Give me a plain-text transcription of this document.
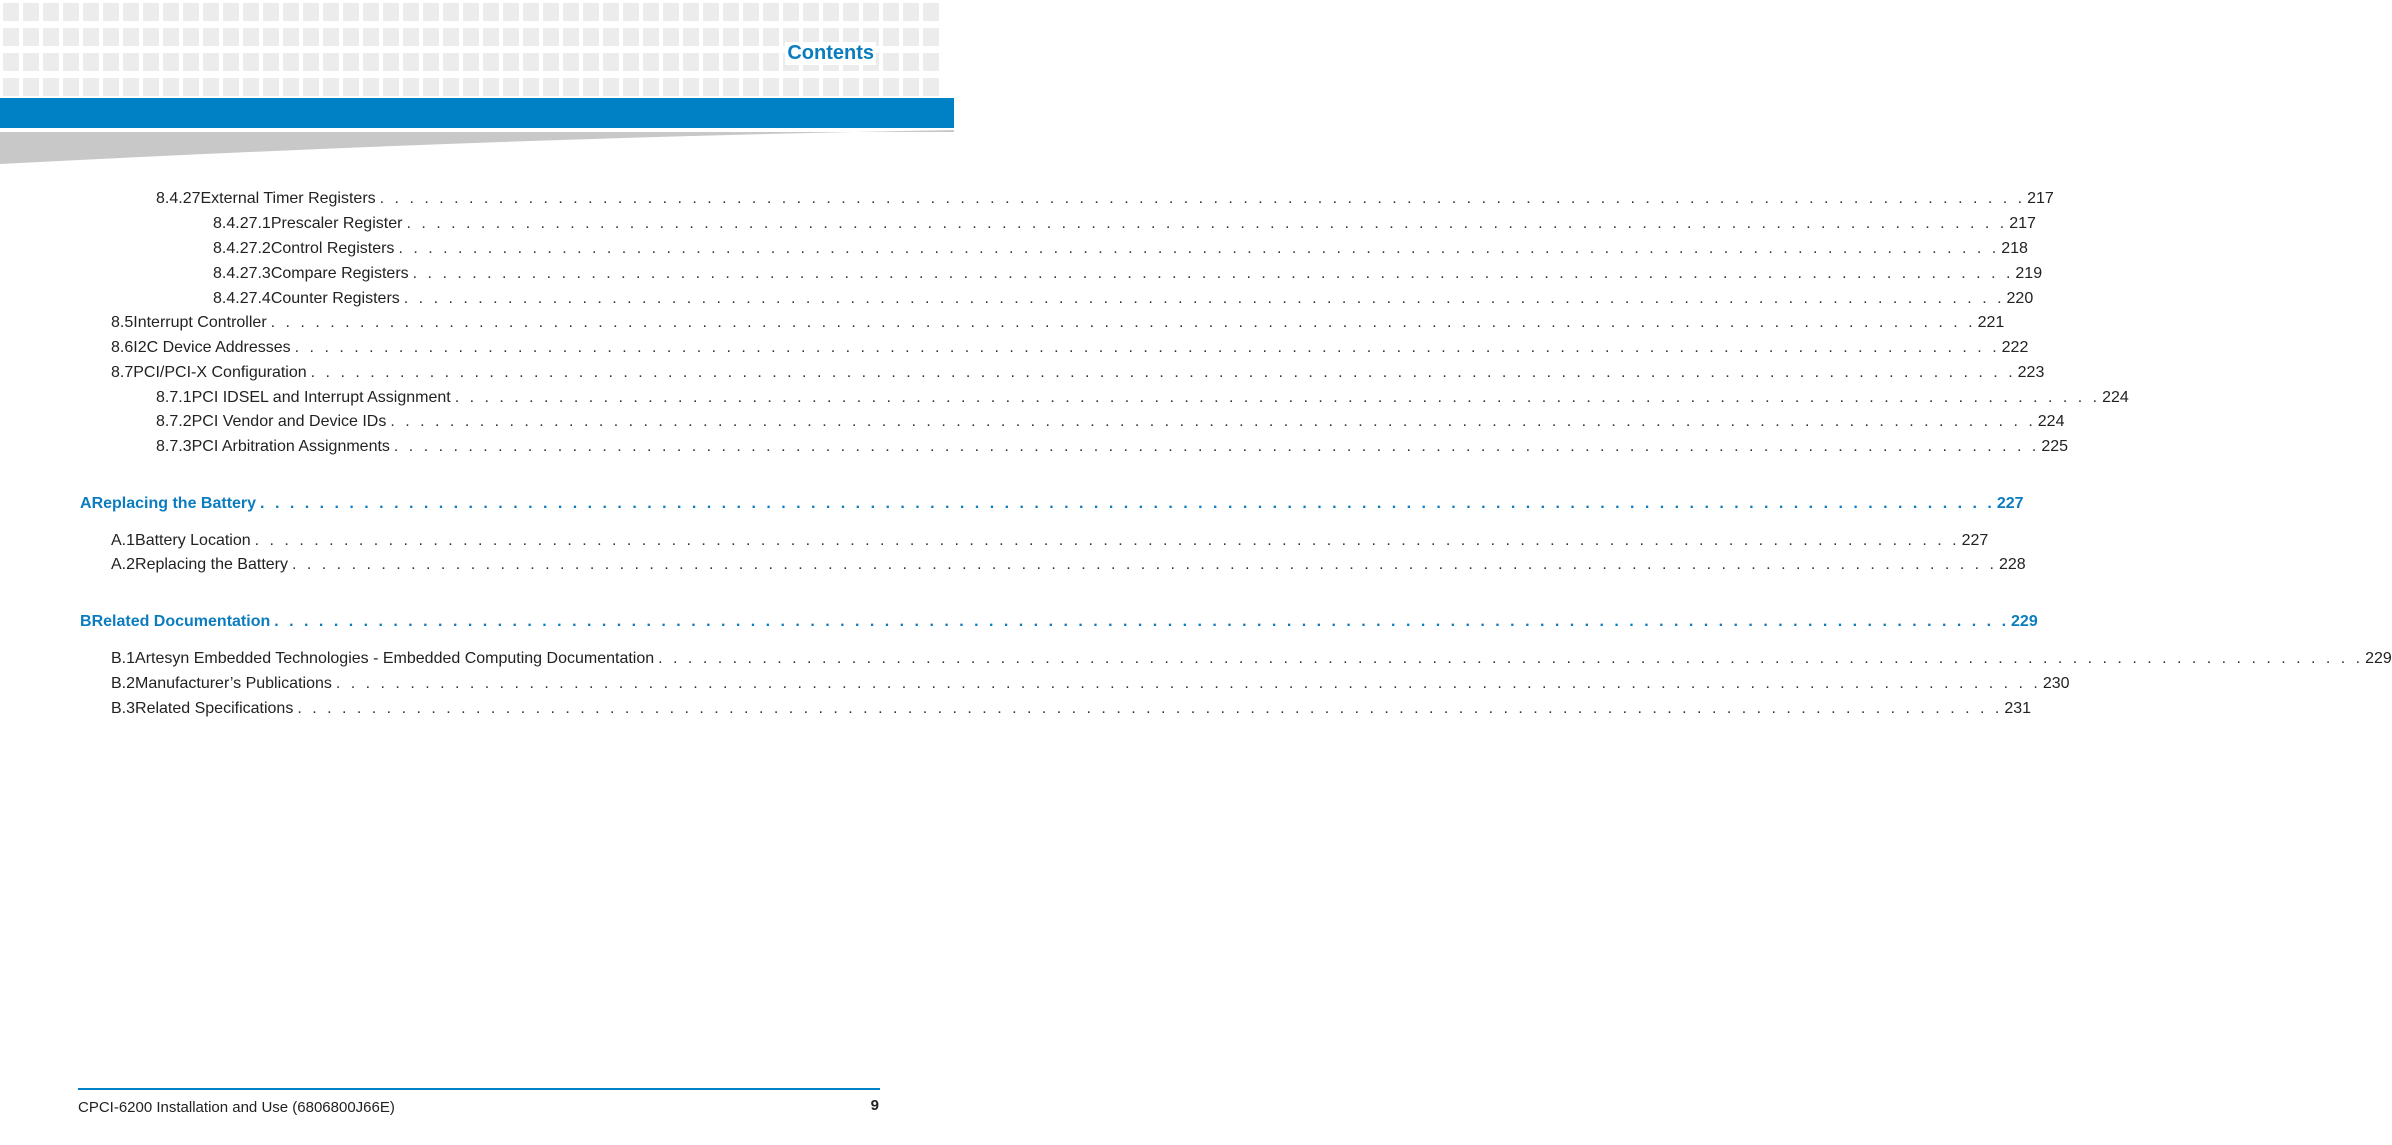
Contents
8.4.27 External Timer Registers . . . . . . . . . . . . . . . . . . . . . . . . . . . . . . . . . . . . . . . . . . . . . . . . . . . . . . . . . . . . . . . . . . . . . . . . . . . . . . . . . . . . . . . . . . . . . . . . . . . . . . . . . . . . . . . 217
8.4.27.1 Prescaler Register . . . . . . . . . . . . . . . . . . . . . . . . . . . . . . . . . . . . . . . . . . . . . . . . . . . . . . . . . . . . . . . . . . . . . . . . . . . . . . . . . . . . . . . . . . . . . . . . . . . . . . . . . . . . 217
8.4.27.2 Control Registers . . . . . . . . . . . . . . . . . . . . . . . . . . . . . . . . . . . . . . . . . . . . . . . . . . . . . . . . . . . . . . . . . . . . . . . . . . . . . . . . . . . . . . . . . . . . . . . . . . . . . . . . . . . . 218
8.4.27.3 Compare Registers . . . . . . . . . . . . . . . . . . . . . . . . . . . . . . . . . . . . . . . . . . . . . . . . . . . . . . . . . . . . . . . . . . . . . . . . . . . . . . . . . . . . . . . . . . . . . . . . . . . . . . . . . . . . 219
8.4.27.4 Counter Registers . . . . . . . . . . . . . . . . . . . . . . . . . . . . . . . . . . . . . . . . . . . . . . . . . . . . . . . . . . . . . . . . . . . . . . . . . . . . . . . . . . . . . . . . . . . . . . . . . . . . . . . . . . . . 220
8.5 Interrupt Controller . . . . . . . . . . . . . . . . . . . . . . . . . . . . . . . . . . . . . . . . . . . . . . . . . . . . . . . . . . . . . . . . . . . . . . . . . . . . . . . . . . . . . . . . . . . . . . . . . . . . . . . . . . . . . . . . . . . 221
8.6 I2C Device Addresses . . . . . . . . . . . . . . . . . . . . . . . . . . . . . . . . . . . . . . . . . . . . . . . . . . . . . . . . . . . . . . . . . . . . . . . . . . . . . . . . . . . . . . . . . . . . . . . . . . . . . . . . . . . . . . . . . . . 222
8.7 PCI/PCI-X Configuration . . . . . . . . . . . . . . . . . . . . . . . . . . . . . . . . . . . . . . . . . . . . . . . . . . . . . . . . . . . . . . . . . . . . . . . . . . . . . . . . . . . . . . . . . . . . . . . . . . . . . . . . . . . . . . . . . . . 223
8.7.1 PCI IDSEL and Interrupt Assignment . . . . . . . . . . . . . . . . . . . . . . . . . . . . . . . . . . . . . . . . . . . . . . . . . . . . . . . . . . . . . . . . . . . . . . . . . . . . . . . . . . . . . . . . . . . . . . . . . . . . . . . . . . . . . . . 224
8.7.2 PCI Vendor and Device IDs . . . . . . . . . . . . . . . . . . . . . . . . . . . . . . . . . . . . . . . . . . . . . . . . . . . . . . . . . . . . . . . . . . . . . . . . . . . . . . . . . . . . . . . . . . . . . . . . . . . . . . . . . . . . . . . 224
8.7.3 PCI Arbitration Assignments . . . . . . . . . . . . . . . . . . . . . . . . . . . . . . . . . . . . . . . . . . . . . . . . . . . . . . . . . . . . . . . . . . . . . . . . . . . . . . . . . . . . . . . . . . . . . . . . . . . . . . . . . . . . . . . 225
A Replacing the Battery . . . . . . . . . . . . . . . . . . . . . . . . . . . . . . . . . . . . . . . . . . . . . . . . . . . . . . . . . . . . . . . . . . . . . . . . . . . . . . . . . . . . . . . . . . . . . . . . . . . . . . . . . . . . . . . . . . . . . 227
A.1 Battery Location . . . . . . . . . . . . . . . . . . . . . . . . . . . . . . . . . . . . . . . . . . . . . . . . . . . . . . . . . . . . . . . . . . . . . . . . . . . . . . . . . . . . . . . . . . . . . . . . . . . . . . . . . . . . . . . . . . . 227
A.2 Replacing the Battery . . . . . . . . . . . . . . . . . . . . . . . . . . . . . . . . . . . . . . . . . . . . . . . . . . . . . . . . . . . . . . . . . . . . . . . . . . . . . . . . . . . . . . . . . . . . . . . . . . . . . . . . . . . . . . . . . . . 228
B Related Documentation . . . . . . . . . . . . . . . . . . . . . . . . . . . . . . . . . . . . . . . . . . . . . . . . . . . . . . . . . . . . . . . . . . . . . . . . . . . . . . . . . . . . . . . . . . . . . . . . . . . . . . . . . . . . . . . . . . . . . 229
B.1 Artesyn Embedded Technologies - Embedded Computing Documentation . . . . . . . . . . . . . . . . . . . . . . . . . . . . . . . . . . . . . . . . . . . . . . . . . . . . . . . . . . . . . . . . . . . . . . . . . . . . . . . . . . . . . . . . . . . . . . . . . . . . . . . . . . . . . . . . . . . 229
B.2 Manufacturer’s Publications . . . . . . . . . . . . . . . . . . . . . . . . . . . . . . . . . . . . . . . . . . . . . . . . . . . . . . . . . . . . . . . . . . . . . . . . . . . . . . . . . . . . . . . . . . . . . . . . . . . . . . . . . . . . . . . . . . . 230
B.3 Related Specifications . . . . . . . . . . . . . . . . . . . . . . . . . . . . . . . . . . . . . . . . . . . . . . . . . . . . . . . . . . . . . . . . . . . . . . . . . . . . . . . . . . . . . . . . . . . . . . . . . . . . . . . . . . . . . . . . . . . 231
CPCI-6200 Installation and Use (6806800J66E)	9
